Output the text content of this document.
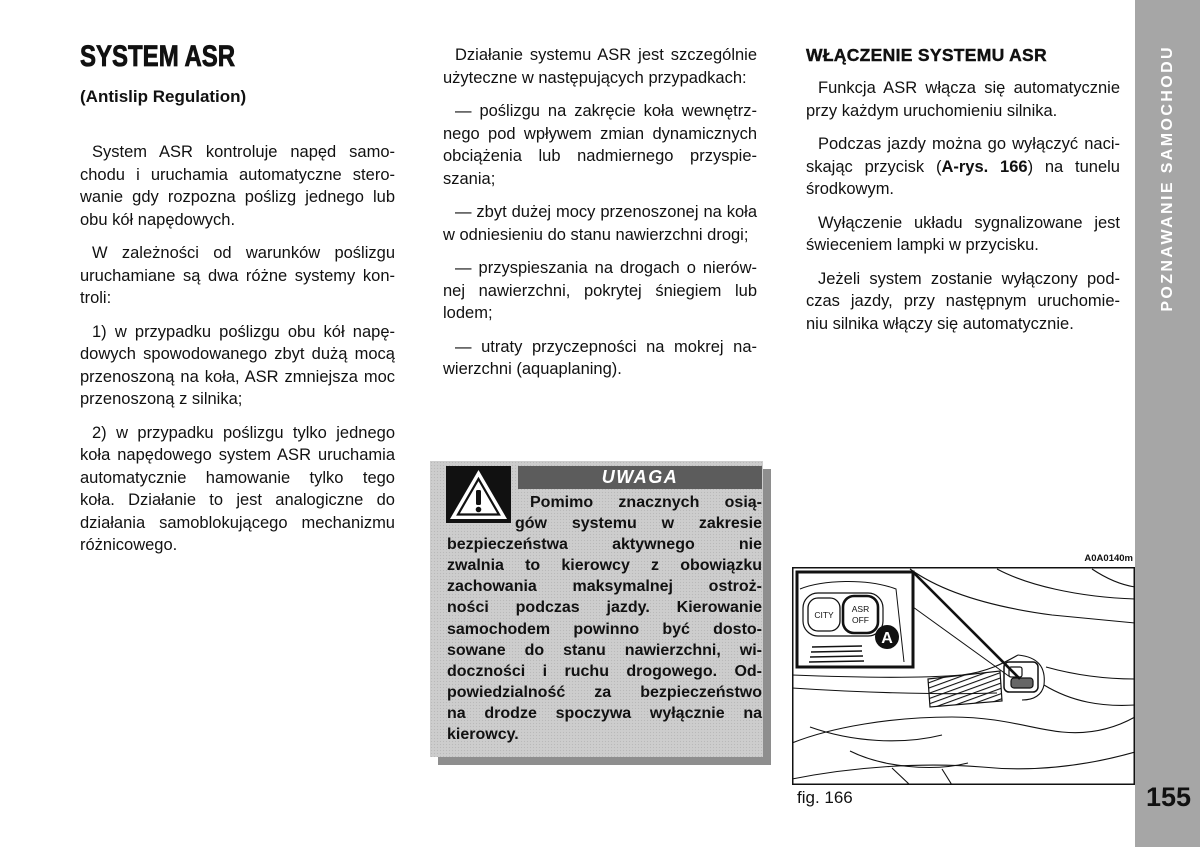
SYSTEM ASR
(Antislip Regulation)
System ASR kontroluje napęd samo-
chodu i uruchamia automatyczne stero-
wanie gdy rozpozna poślizg jednego lub
obu kół napędowych.
W zależności od warunków poślizgu
uruchamiane są dwa różne systemy kon-
troli:
1) w przypadku poślizgu obu kół napę-
dowych spowodowanego zbyt dużą mocą
przenoszoną na koła, ASR zmniejsza moc
przenoszoną z silnika;
2) w przypadku poślizgu tylko jednego
koła napędowego system ASR uruchamia
automatycznie hamowanie tylko tego
koła. Działanie to jest analogiczne do
działania samoblokującego mechanizmu
różnicowego.
Działanie systemu ASR jest szczególnie
użyteczne w następujących przypadkach:
— poślizgu na zakręcie koła wewnętrz-
nego pod wpływem zmian dynamicznych
obciążenia lub nadmiernego przyspie-
szania;
— zbyt dużej mocy przenoszonej na koła
w odniesieniu do stanu nawierzchni drogi;
— przyspieszania na drogach o nierów-
nej nawierzchni, pokrytej śniegiem lub
lodem;
— utraty przyczepności na mokrej na-
wierzchni (aquaplaning).
UWAGA
Pomimo znacznych osią-
gów systemu w zakresie
bezpieczeństwa aktywnego nie
zwalnia to kierowcy z obowiązku
zachowania maksymalnej ostroż-
ności podczas jazdy. Kierowanie
samochodem powinno być dosto-
sowane do stanu nawierzchni, wi-
doczności i ruchu drogowego. Od-
powiedzialność za bezpieczeństwo
na drodze spoczywa wyłącznie na
kierowcy.
WŁĄCZENIE SYSTEMU ASR
Funkcja ASR włącza się automatycznie
przy każdym uruchomieniu silnika.
Podczas jazdy można go wyłączyć naci-
skając przycisk (A-rys. 166) na tunelu
środkowym.
Wyłączenie układu sygnalizowane jest
świeceniem lampki w przycisku.
Jeżeli system zostanie wyłączony pod-
czas jazdy, przy następnym uruchomie-
niu silnika włączy się automatycznie.
A0A0140m
CITY
ASR
OFF
A
fig. 166
POZNAWANIE SAMOCHODU
155
